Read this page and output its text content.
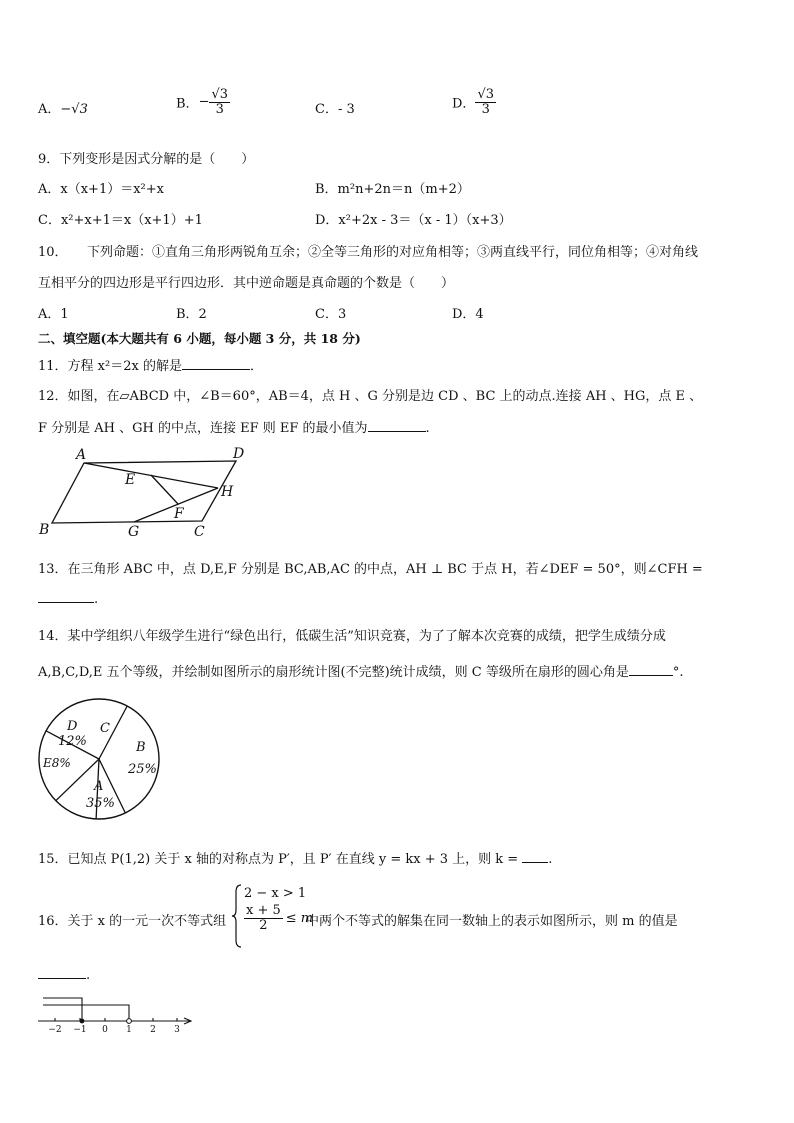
A．−√3	B．− $\frac{√3}{3}$	C．- 3	D． $\frac{√3}{3}$
9．下列变形是因式分解的是（　　）
A．x（x+1）＝x²+x	B．m²n+2n＝n（m+2）
C．x²+x+1＝x（x+1）+1	D．x²+2x - 3＝（x - 1）（x+3）
10．　　下列命题：①直角三角形两锐角互余；②全等三角形的对应角相等；③两直线平行，同位角相等；④对角线
互相平分的四边形是平行四边形．其中逆命题是真命题的个数是（　　）
A．1	B．2	C．3	D．4
二、填空题(本大题共有 6 小题，每小题 3 分，共 18 分)
11．方程 x²＝2x 的解是	．
12．如图，在▱ABCD 中，∠B＝60°，AB＝4，点 H 、G 分别是边 CD 、BC 上的动点.连接 AH 、HG，点 E 、
F 分别是 AH 、GH 的中点，连接 EF 则 EF 的最小值为	.
A	D
E
H
F
B	G	C
13．在三角形 ABC 中，点 D,E,F 分别是 BC,AB,AC 的中点，AH ⊥ BC 于点 H，若∠DEF = 50°，则∠CFH =
.
14．某中学组织八年级学生进行“绿色出行，低碳生活”知识竞赛，为了了解本次竞赛的成绩，把学生成绩分成
A,B,C,D,E 五个等级，并绘制如图所示的扇形统计图(不完整)统计成绩，则 C 等级所在扇形的圆心角是	°.
D
12%
C
B
25%
E8%
A
35%
15．已知点 P(1,2) 关于 x 轴的对称点为 P′，且 P′ 在直线 y = kx + 3 上，则 k = .
16．关于 x 的一元一次不等式组
2 − x > 1
$\frac{x + 5}{2} \le m$
中两个不等式的解集在同一数轴上的表示如图所示，则 m 的值是
.
−2 −1 0 1 2 3
